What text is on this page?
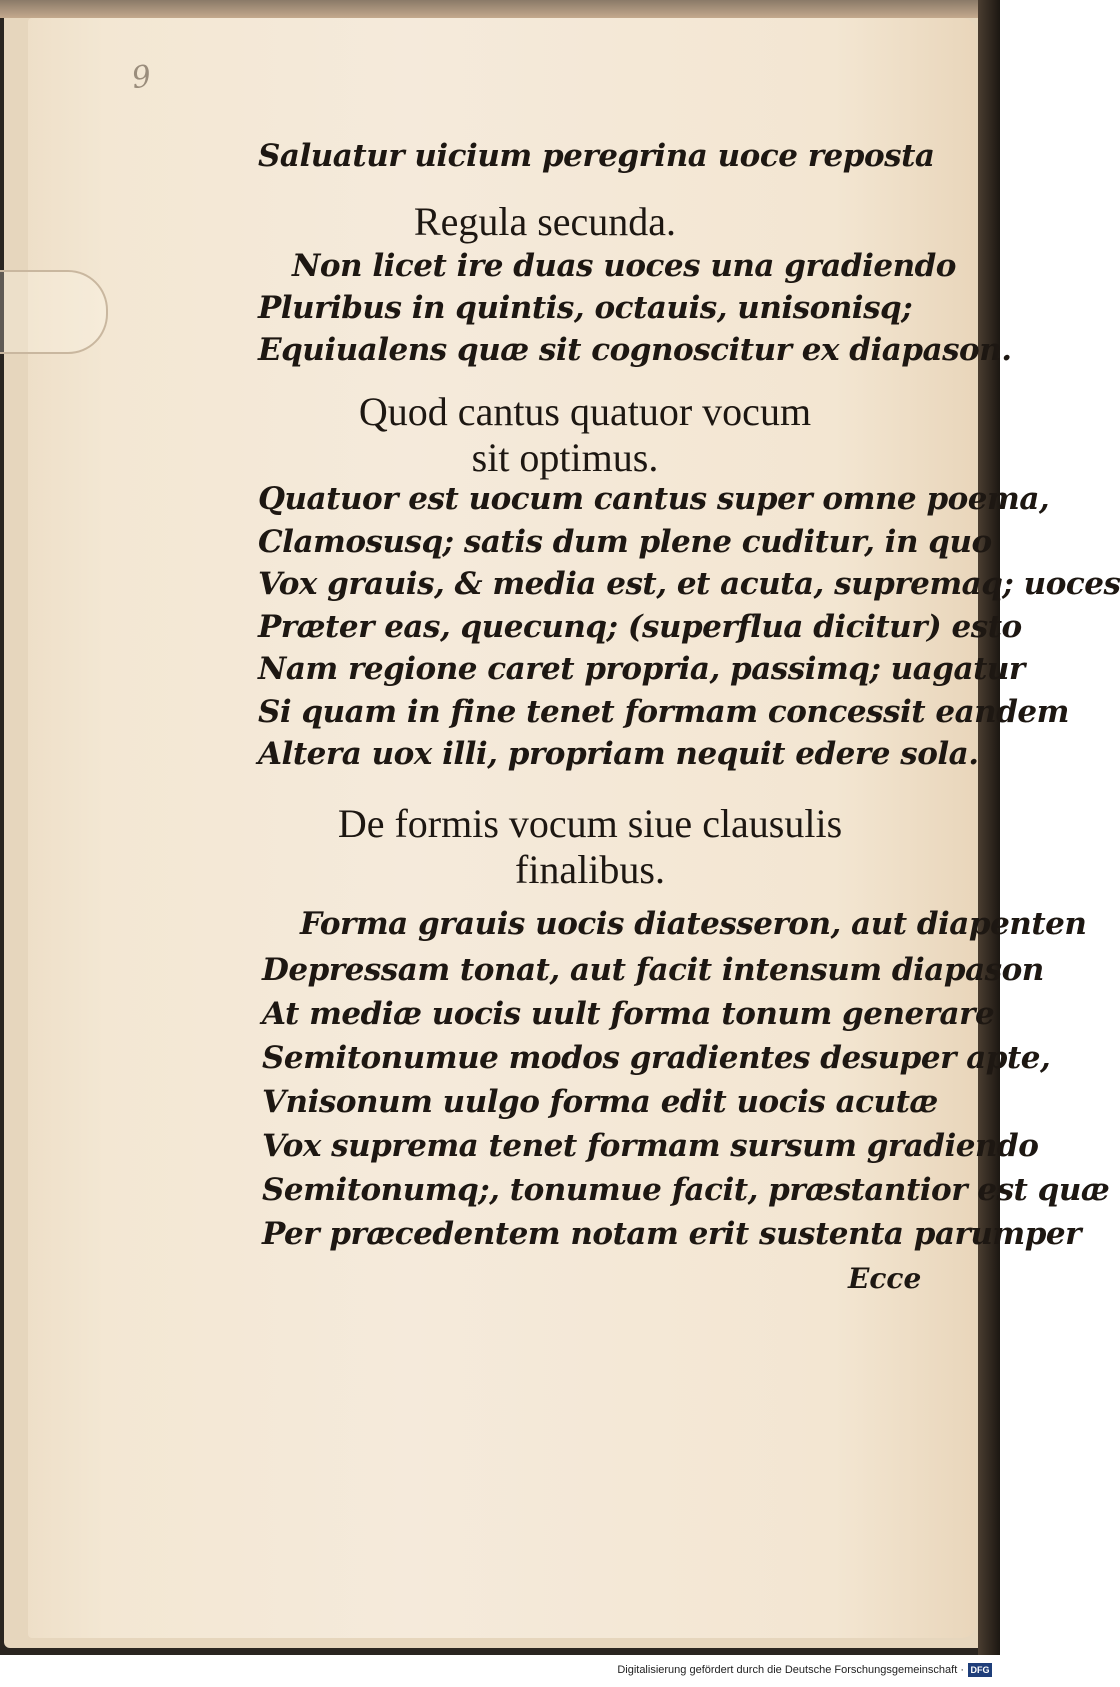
9
Saluatur uicium peregrina uoce reposta
Regula secunda.
Non licet ire duas uoces una gradiendo
Pluribus in quintis, octauis, unisonisq;
Equiualens quæ sit cognoscitur ex diapason.
Quod cantus quatuor vocum
sit optimus.
Quatuor est uocum cantus super omne poema,
Clamosusq; satis dum plene cuditur, in quo
Vox grauis, & media est, et acuta, supremaq; uoces
Præter eas, quecunq; (superflua dicitur) esto
Nam regione caret propria, passimq; uagatur
Si quam in fine tenet formam concessit eandem
Altera uox illi, propriam nequit edere sola.
De formis vocum siue clausulis
finalibus.
Forma grauis uocis diatesseron, aut diapenten
Depressam tonat, aut facit intensum diapason
At mediæ uocis uult forma tonum generare
Semitonumue modos gradientes desuper apte,
Vnisonum uulgo forma edit uocis acutæ
Vox suprema tenet formam sursum gradiendo
Semitonumq;, tonumue facit, præstantior est quæ
Per præcedentem notam erit sustenta parumper
Ecce
Digitalisierung gefördert durch die Deutsche Forschungsgemeinschaft · DFG
